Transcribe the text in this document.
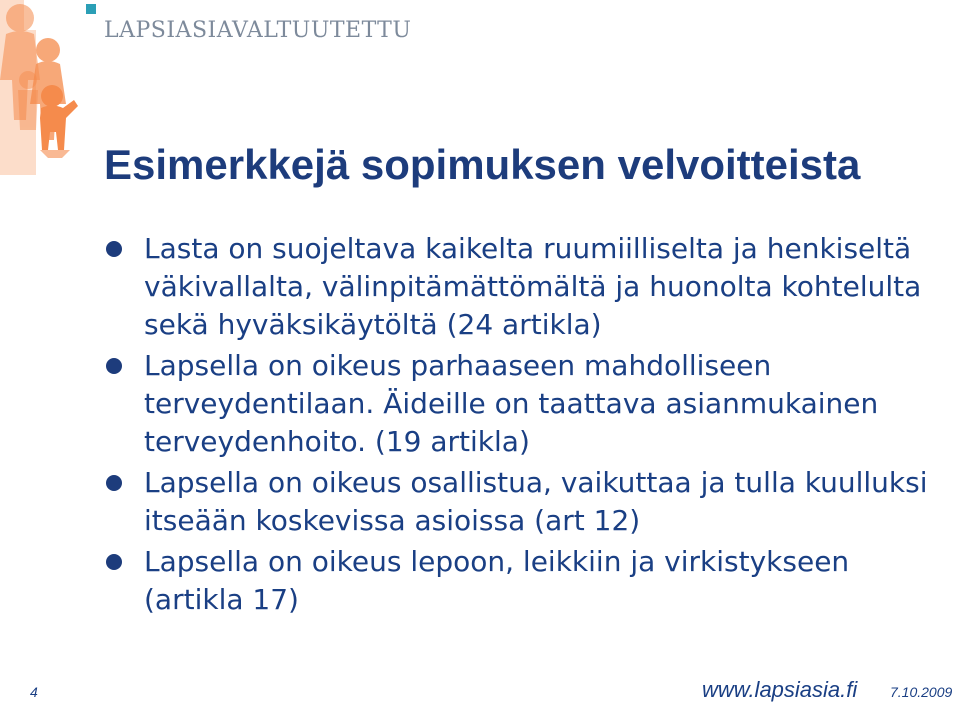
LAPSIASIAVALTUUTETTU
Esimerkkejä sopimuksen velvoitteista
Lasta on suojeltava kaikelta ruumiilliselta ja henkiseltä väkivallalta, välinpitämättömältä ja huonolta kohtelulta sekä hyväksikäytöltä (24 artikla)
Lapsella on oikeus parhaaseen mahdolliseen terveydentilaan. Äideille on taattava asianmukainen terveydenhoito. (19 artikla)
Lapsella on oikeus osallistua, vaikuttaa ja tulla kuulluksi itseään koskevissa asioissa (art 12)
Lapsella on oikeus lepoon, leikkiin ja virkistykseen (artikla 17)
4	www.lapsiasia.fi 7.10.2009
